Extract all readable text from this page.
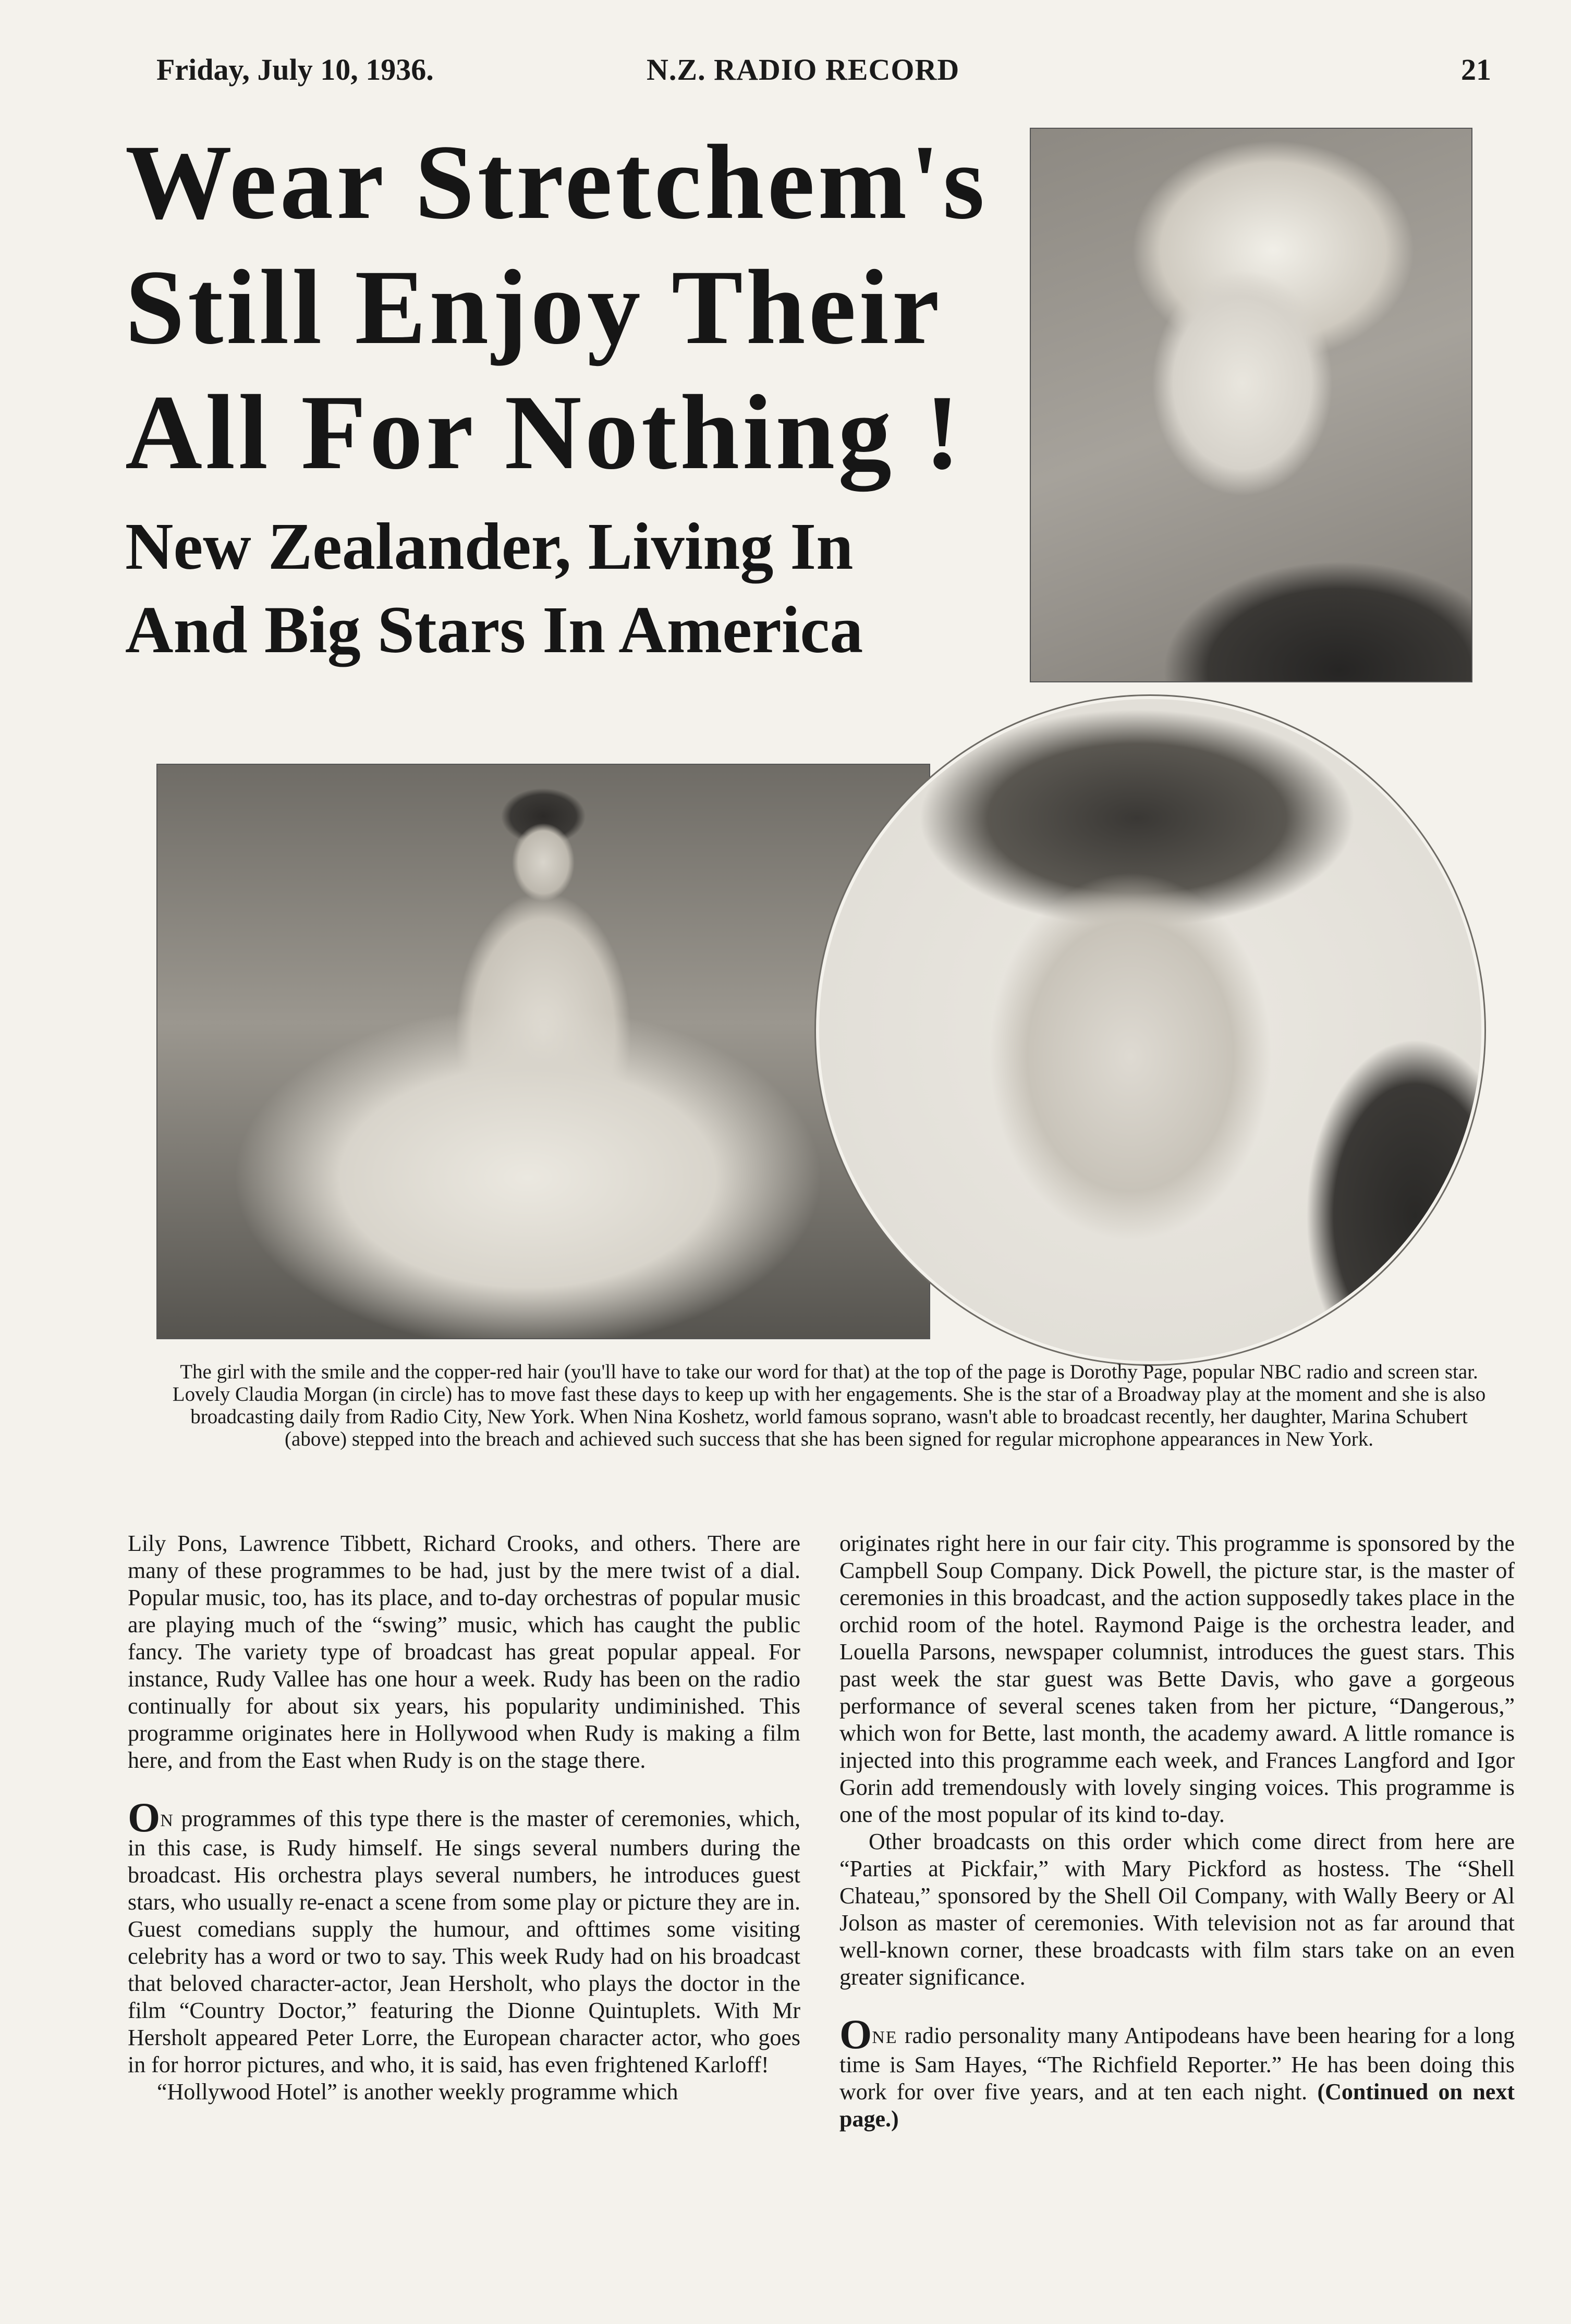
Friday, July 10, 1936.	N.Z. RADIO RECORD	21
Wear Stretchem's
Still Enjoy Their
All For Nothing !
New Zealander, Living In
And Big Stars In America
The girl with the smile and the copper-red hair (you'll have to take our word for that) at the top of the page is Dorothy Page, popular NBC radio and screen star. Lovely Claudia Morgan (in circle) has to move fast these days to keep up with her engagements. She is the star of a Broadway play at the moment and she is also broadcasting daily from Radio City, New York. When Nina Koshetz, world famous soprano, wasn't able to broadcast recently, her daughter, Marina Schubert (above) stepped into the breach and achieved such success that she has been signed for regular microphone appearances in New York.

Lily Pons, Lawrence Tibbett, Richard Crooks, and others. There are many of these programmes to be had, just by the mere twist of a dial. Popular music, too, has its place, and to-day orchestras of popular music are playing much of the “swing” music, which has caught the public fancy. The variety type of broadcast has great popular appeal. For instance, Rudy Vallee has one hour a week. Rudy has been on the radio continually for about six years, his popularity undiminished. This programme originates here in Hollywood when Rudy is making a film here, and from the East when Rudy is on the stage there.

ON programmes of this type there is the master of ceremonies, which, in this case, is Rudy himself. He sings several numbers during the broadcast. His orchestra plays several numbers, he introduces guest stars, who usually re-enact a scene from some play or picture they are in. Guest comedians supply the humour, and ofttimes some visiting celebrity has a word or two to say. This week Rudy had on his broadcast that beloved character-actor, Jean Hersholt, who plays the doctor in the film “Country Doctor,” featuring the Dionne Quintuplets. With Mr Hersholt appeared Peter Lorre, the European character actor, who goes in for horror pictures, and who, it is said, has even frightened Karloff!

“Hollywood Hotel” is another weekly programme which

originates right here in our fair city. This programme is sponsored by the Campbell Soup Company. Dick Powell, the picture star, is the master of ceremonies in this broadcast, and the action supposedly takes place in the orchid room of the hotel. Raymond Paige is the orchestra leader, and Louella Parsons, newspaper columnist, introduces the guest stars. This past week the star guest was Bette Davis, who gave a gorgeous performance of several scenes taken from her picture, “Dangerous,” which won for Bette, last month, the academy award. A little romance is injected into this programme each week, and Frances Langford and Igor Gorin add tremendously with lovely singing voices. This programme is one of the most popular of its kind to-day.

Other broadcasts on this order which come direct from here are “Parties at Pickfair,” with Mary Pickford as hostess. The “Shell Chateau,” sponsored by the Shell Oil Company, with Wally Beery or Al Jolson as master of ceremonies. With television not as far around that well-known corner, these broadcasts with film stars take on an even greater significance.

ONE radio personality many Antipodeans have been hearing for a long time is Sam Hayes, “The Richfield Reporter.” He has been doing this work for over five years, and at ten each night. (Continued on next page.)
